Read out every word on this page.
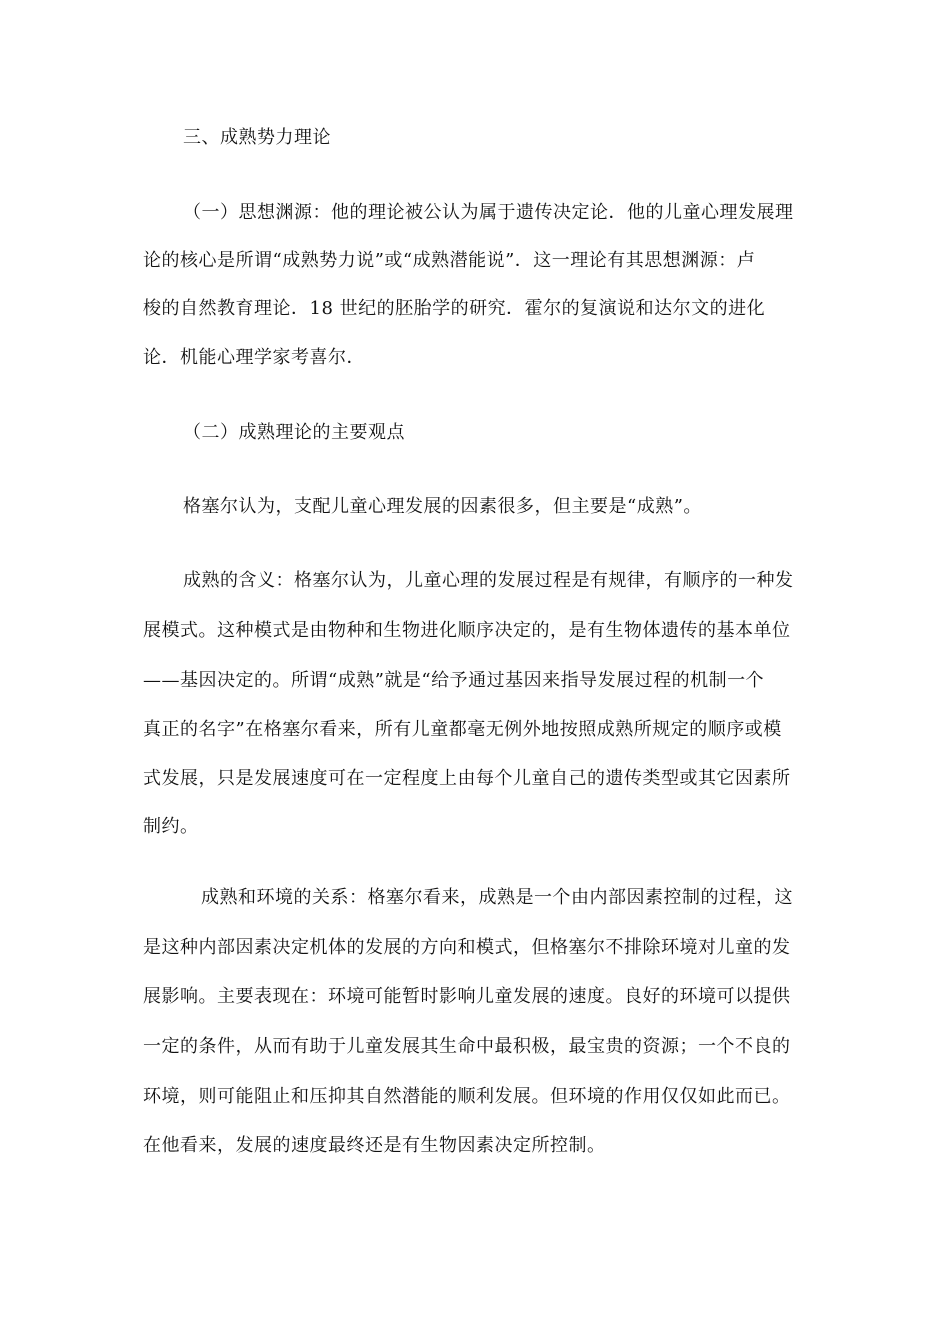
三、成熟势力理论
（一）思想渊源：他的理论被公认为属于遗传决定论．他的儿童心理发展理
论的核心是所谓“成熟势力说”或“成熟潜能说”．这一理论有其思想渊源：卢
梭的自然教育理论．18 世纪的胚胎学的研究．霍尔的复演说和达尔文的进化
论．机能心理学家考喜尔．
（二）成熟理论的主要观点
格塞尔认为，支配儿童心理发展的因素很多，但主要是“成熟”。
成熟的含义：格塞尔认为，儿童心理的发展过程是有规律，有顺序的一种发
展模式。这种模式是由物种和生物进化顺序决定的，是有生物体遗传的基本单位
——基因决定的。所谓“成熟”就是“给予通过基因来指导发展过程的机制一个
真正的名字”在格塞尔看来，所有儿童都毫无例外地按照成熟所规定的顺序或模
式发展，只是发展速度可在一定程度上由每个儿童自己的遗传类型或其它因素所
制约。
成熟和环境的关系：格塞尔看来，成熟是一个由内部因素控制的过程，这
是这种内部因素决定机体的发展的方向和模式，但格塞尔不排除环境对儿童的发
展影响。主要表现在：环境可能暂时影响儿童发展的速度。良好的环境可以提供
一定的条件，从而有助于儿童发展其生命中最积极，最宝贵的资源；一个不良的
环境，则可能阻止和压抑其自然潜能的顺利发展。但环境的作用仅仅如此而已。
在他看来，发展的速度最终还是有生物因素决定所控制。
